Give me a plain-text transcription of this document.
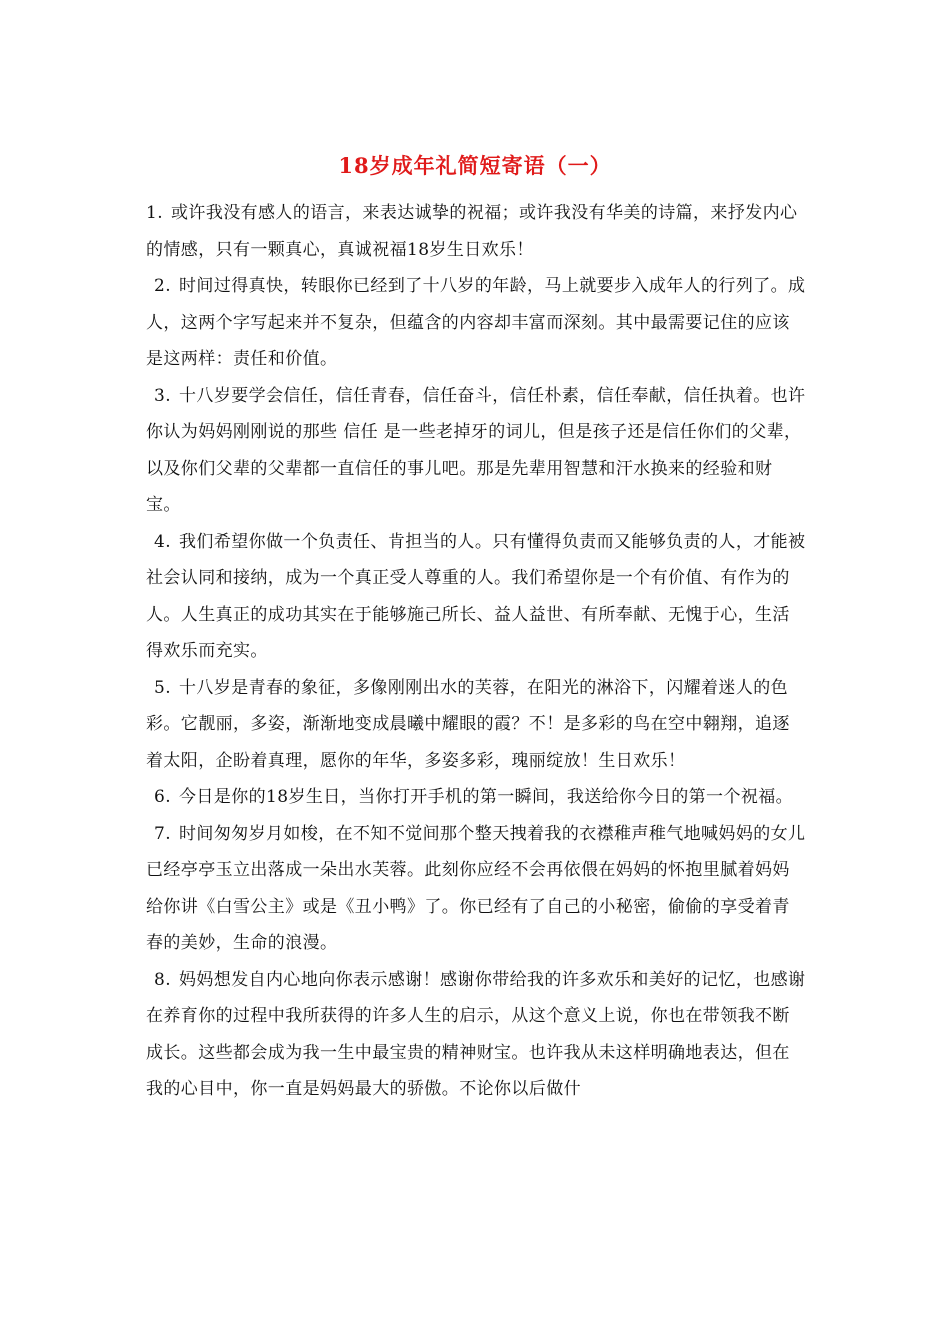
18岁成年礼简短寄语（一）

1. 或许我没有感人的语言，来表达诚挚的祝福；或许我没有华美的诗篇，来抒发内心的情感，只有一颗真心，真诚祝福18岁生日欢乐！

2. 时间过得真快，转眼你已经到了十八岁的年龄，马上就要步入成年人的行列了。成人，这两个字写起来并不复杂，但蕴含的内容却丰富而深刻。其中最需要记住的应该是这两样：责任和价值。

3. 十八岁要学会信任，信任青春，信任奋斗，信任朴素，信任奉献，信任执着。也许你认为妈妈刚刚说的那些 信任 是一些老掉牙的词儿，但是孩子还是信任你们的父辈，以及你们父辈的父辈都一直信任的事儿吧。那是先辈用智慧和汗水换来的经验和财宝。

4. 我们希望你做一个负责任、肯担当的人。只有懂得负责而又能够负责的人，才能被社会认同和接纳，成为一个真正受人尊重的人。我们希望你是一个有价值、有作为的人。人生真正的成功其实在于能够施己所长、益人益世、有所奉献、无愧于心，生活得欢乐而充实。

5. 十八岁是青春的象征，多像刚刚出水的芙蓉，在阳光的淋浴下，闪耀着迷人的色彩。它靓丽，多姿，渐渐地变成晨曦中耀眼的霞？不！是多彩的鸟在空中翱翔，追逐着太阳，企盼着真理，愿你的年华，多姿多彩，瑰丽绽放！生日欢乐！

6. 今日是你的18岁生日，当你打开手机的第一瞬间，我送给你今日的第一个祝福。

7. 时间匆匆岁月如梭，在不知不觉间那个整天拽着我的衣襟稚声稚气地喊妈妈的女儿已经亭亭玉立出落成一朵出水芙蓉。此刻你应经不会再依偎在妈妈的怀抱里腻着妈妈给你讲《白雪公主》或是《丑小鸭》了。你已经有了自己的小秘密，偷偷的享受着青春的美妙，生命的浪漫。

8. 妈妈想发自内心地向你表示感谢！感谢你带给我的许多欢乐和美好的记忆，也感谢在养育你的过程中我所获得的许多人生的启示，从这个意义上说，你也在带领我不断成长。这些都会成为我一生中最宝贵的精神财宝。也许我从未这样明确地表达，但在我的心目中，你一直是妈妈最大的骄傲。不论你以后做什
